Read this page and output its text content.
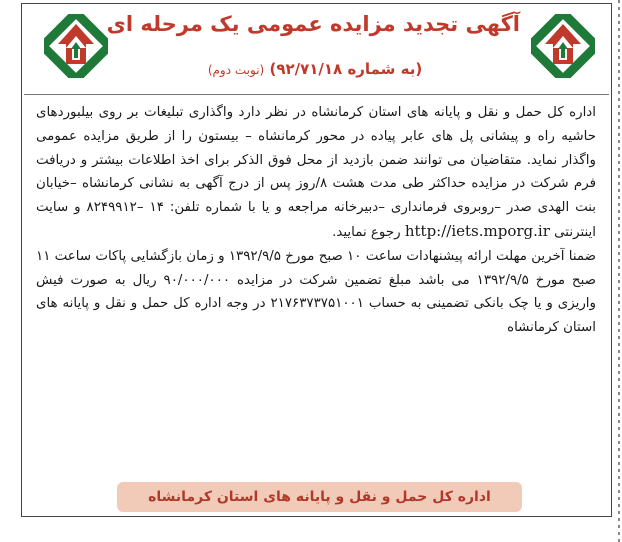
آگهی تجدید مزایده عمومی یک مرحله ای
(به شماره ۹۲/۷۱/۱۸) (نوبت دوم)

اداره کل حمل و نقل و پایانه های استان کرمانشاه در نظر دارد واگذاری تبلیغات بر روی بیلبوردهای حاشیه راه و پیشانی پل های عابر پیاده در محور کرمانشاه – بیستون را از طریق مزایده عمومی واگذار نماید. متقاضیان می توانند ضمن بازدید از محل فوق الذکر برای اخذ اطلاعات بیشتر و دریافت فرم شرکت در مزایده حداکثر طی مدت هشت ۸/روز پس از درج آگهی به نشانی کرمانشاه –خیابان بنت الهدی صدر –روبروی فرمانداری –دبیرخانه مراجعه و یا با شماره تلفن: ۱۴ –۸۲۴۹۹۱۲ و سایت اینترنتی http://iets.mporg.ir رجوع نمایید.

ضمنا آخرین مهلت ارائه پیشنهادات ساعت ۱۰ صبح مورخ ۱۳۹۲/۹/۵ و زمان بازگشایی پاکات ساعت ۱۱ صبح مورخ ۱۳۹۲/۹/۵ می باشد مبلغ تضمین شرکت در مزایده ۹۰/۰۰۰/۰۰۰ ریال به صورت فیش واریزی و یا چک بانکی تضمینی به حساب ۲۱۷۶۳۷۳۷۵۱۰۰۱ در وجه اداره کل حمل و نقل و پایانه های استان کرمانشاه

اداره کل حمل و نقل و پایانه های استان کرمانشاه
